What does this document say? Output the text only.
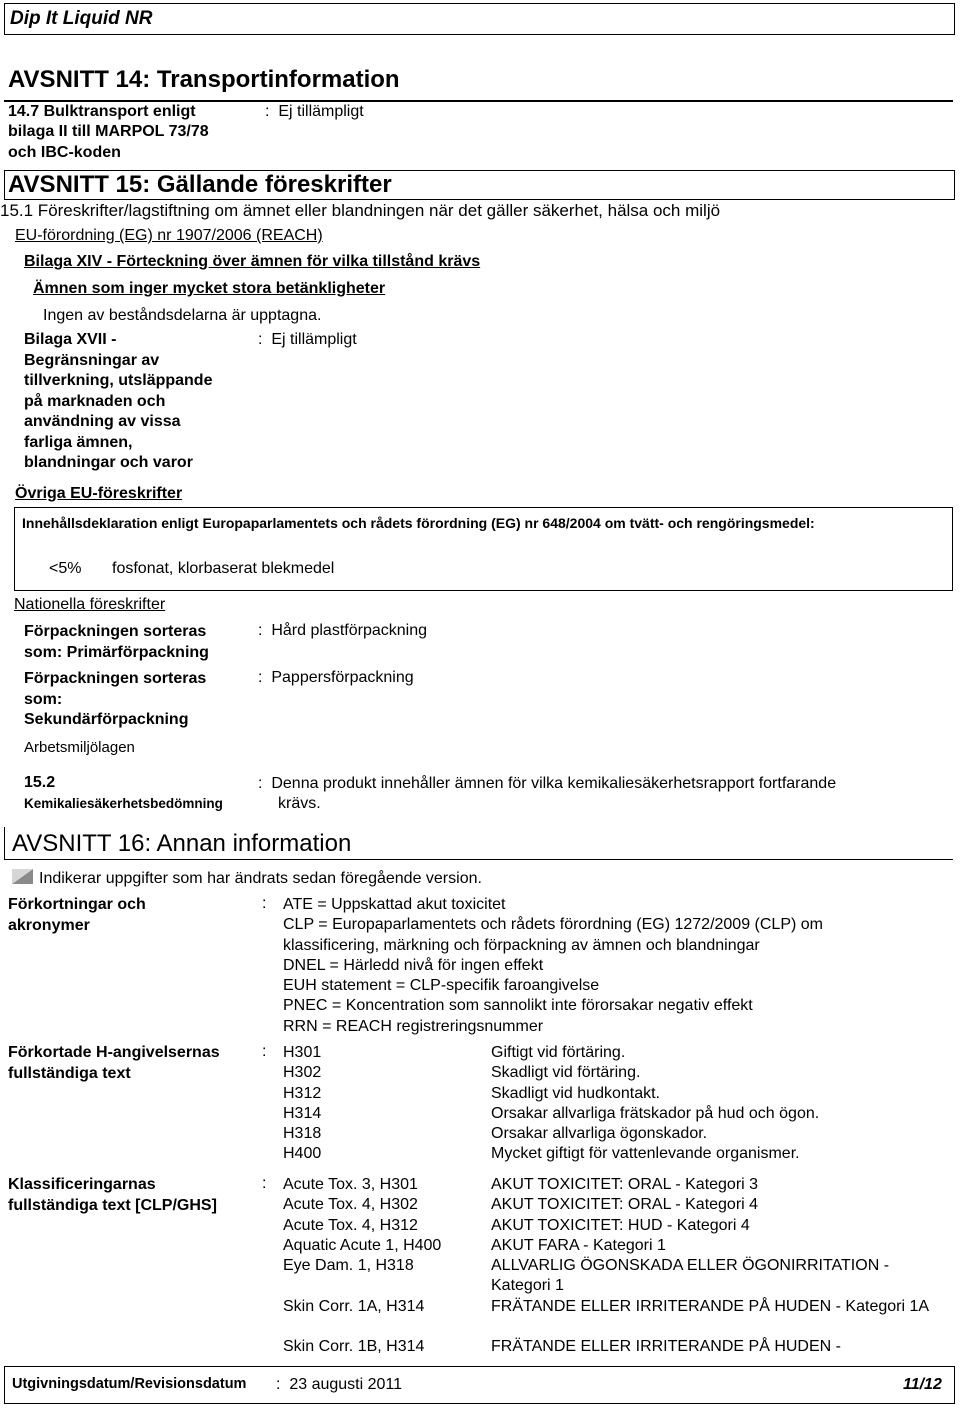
Dip It Liquid NR
AVSNITT 14: Transportinformation
14.7 Bulktransport enligt
bilaga II till MARPOL 73/78
och IBC-koden
:  Ej tillämpligt
AVSNITT 15: Gällande föreskrifter
15.1 Föreskrifter/lagstiftning om ämnet eller blandningen när det gäller säkerhet, hälsa och miljö
EU-förordning (EG) nr 1907/2006 (REACH)
Bilaga XIV - Förteckning över ämnen för vilka tillstånd krävs
Ämnen som inger mycket stora betänkligheter
Ingen av beståndsdelarna är upptagna.
Bilaga XVII -
Begränsningar av
tillverkning, utsläppande
på marknaden och
användning av vissa
farliga ämnen,
blandningar och varor
:  Ej tillämpligt
Övriga EU-föreskrifter
Innehållsdeklaration enligt Europaparlamentets och rådets förordning (EG) nr 648/2004 om tvätt- och rengöringsmedel:
<5% fosfonat, klorbaserat blekmedel
Nationella föreskrifter
Förpackningen sorteras
som: Primärförpackning
:  Hård plastförpackning
Förpackningen sorteras
som:
Sekundärförpackning
:  Pappersförpackning
Arbetsmiljölagen
15.2
Kemikaliesäkerhetsbedömning
:  Denna produkt innehåller ämnen för vilka kemikaliesäkerhetsrapport fortfarande
krävs.
AVSNITT 16: Annan information
Indikerar uppgifter som har ändrats sedan föregående version.
Förkortningar och
akronymer
: ATE = Uppskattad akut toxicitet
CLP = Europaparlamentets och rådets förordning (EG) 1272/2009 (CLP) om
klassificering, märkning och förpackning av ämnen och blandningar
DNEL = Härledd nivå för ingen effekt
EUH statement = CLP-specifik faroangivelse
PNEC = Koncentration som sannolikt inte förorsakar negativ effekt
RRN = REACH registreringsnummer
Förkortade H-angivelsernas
fullständiga text
: H301
H302
H312
H314
H318
H400
Giftigt vid förtäring.
Skadligt vid förtäring.
Skadligt vid hudkontakt.
Orsakar allvarliga frätskador på hud och ögon.
Orsakar allvarliga ögonskador.
Mycket giftigt för vattenlevande organismer.
Klassificeringarnas
fullständiga text [CLP/GHS]
: Acute Tox. 3, H301
Acute Tox. 4, H302
Acute Tox. 4, H312
Aquatic Acute 1, H400
Eye Dam. 1, H318
Skin Corr. 1A, H314
Skin Corr. 1B, H314
AKUT TOXICITET: ORAL - Kategori 3
AKUT TOXICITET: ORAL - Kategori 4
AKUT TOXICITET: HUD - Kategori 4
AKUT FARA - Kategori 1
ALLVARLIG ÖGONSKADA ELLER ÖGONIRRITATION - Kategori 1
FRÄTANDE ELLER IRRITERANDE PÅ HUDEN - Kategori 1A
FRÄTANDE ELLER IRRITERANDE PÅ HUDEN -
Utgivningsdatum/Revisionsdatum :  23 augusti 2011	11/12
